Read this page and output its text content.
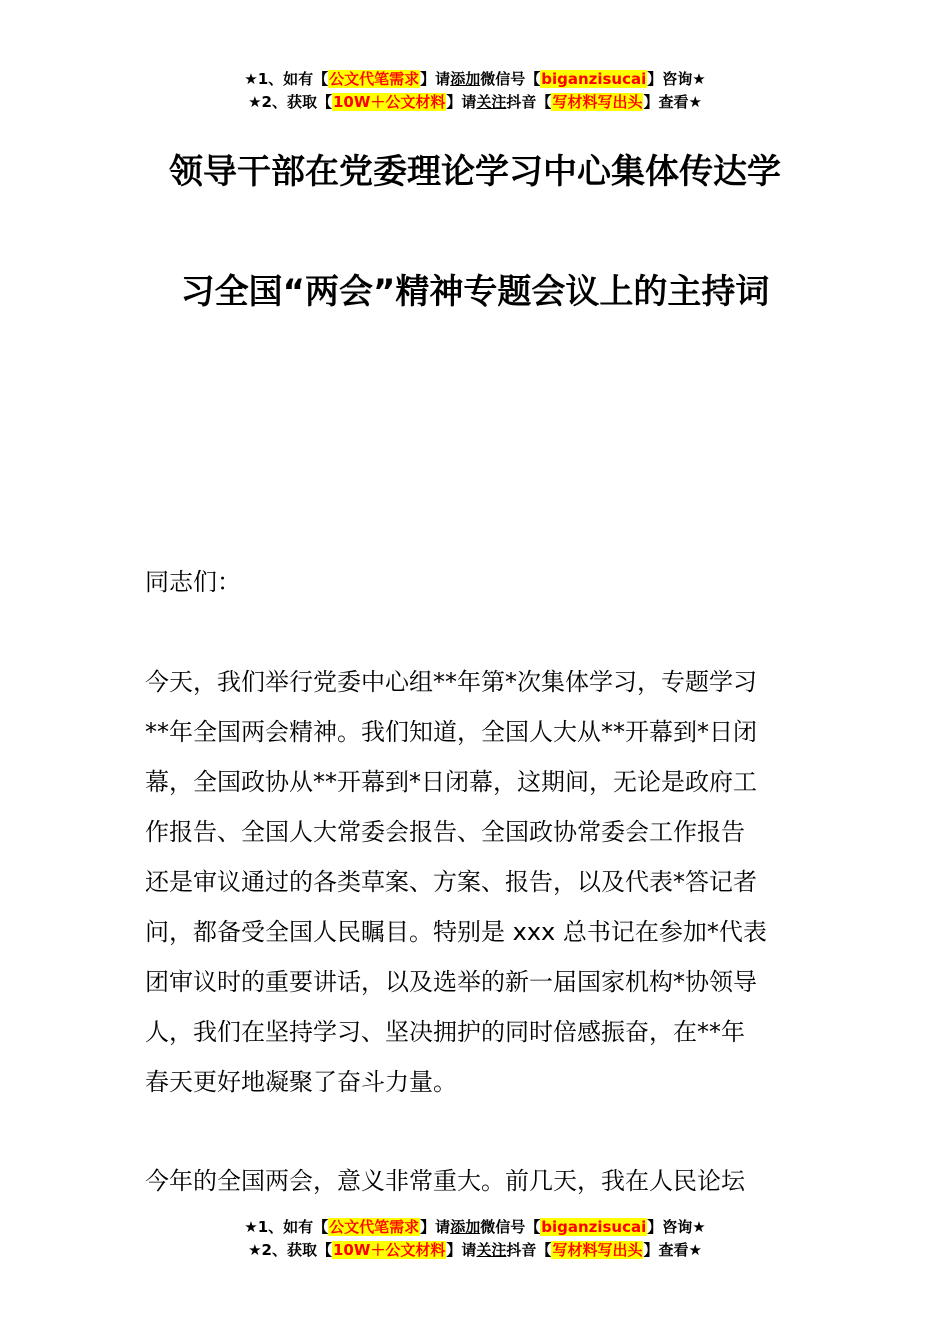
★1、如有【公文代笔需求】请添加微信号【biganzisucai】咨询★
★2、获取【10W＋公文材料】请关注抖音【写材料写出头】查看★
领导干部在党委理论学习中心集体传达学
习全国“两会”精神专题会议上的主持词
同志们：
今天，我们举行党委中心组**年第*次集体学习，专题学习
**年全国两会精神。我们知道，全国人大从**开幕到*日闭
幕，全国政协从**开幕到*日闭幕，这期间，无论是政府工
作报告、全国人大常委会报告、全国政协常委会工作报告
还是审议通过的各类草案、方案、报告，以及代表*答记者
问，都备受全国人民瞩目。特别是 xxx 总书记在参加*代表
团审议时的重要讲话，以及选举的新一届国家机构*协领导
人，我们在坚持学习、坚决拥护的同时倍感振奋，在**年
春天更好地凝聚了奋斗力量。
今年的全国两会，意义非常重大。前几天，我在人民论坛
★1、如有【公文代笔需求】请添加微信号【biganzisucai】咨询★
★2、获取【10W＋公文材料】请关注抖音【写材料写出头】查看★
